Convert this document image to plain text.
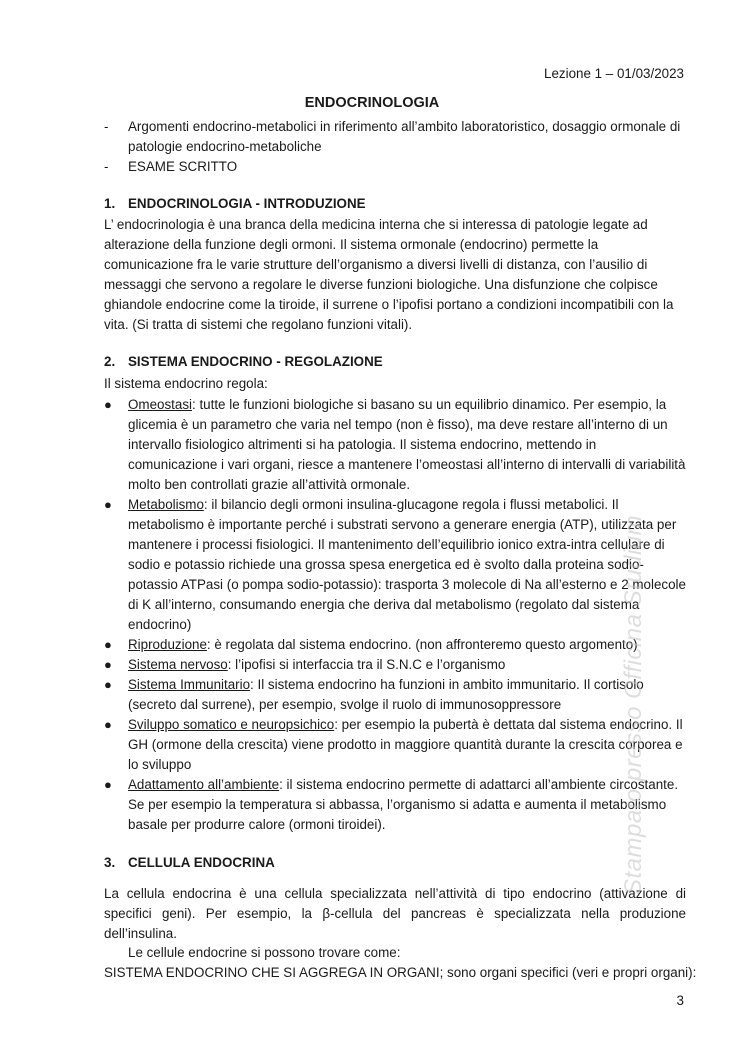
Lezione 1 – 01/03/2023
ENDOCRINOLOGIA
-	Argomenti endocrino-metabolici in riferimento all’ambito laboratoristico, dosaggio ormonale di patologie endocrino-metaboliche
-	ESAME SCRITTO
1. ENDOCRINOLOGIA - INTRODUZIONE
L’ endocrinologia è una branca della medicina interna che si interessa di patologie legate ad alterazione della funzione degli ormoni. Il sistema ormonale (endocrino) permette la comunicazione fra le varie strutture dell’organismo a diversi livelli di distanza, con l’ausilio di messaggi che servono a regolare le diverse funzioni biologiche. Una disfunzione che colpisce ghiandole endocrine come la tiroide, il surrene o l’ipofisi portano a condizioni incompatibili con la vita. (Si tratta di sistemi che regolano funzioni vitali).
2. SISTEMA ENDOCRINO - REGOLAZIONE
Il sistema endocrino regola:
●	Omeostasi: tutte le funzioni biologiche si basano su un equilibrio dinamico. Per esempio, la glicemia è un parametro che varia nel tempo (non è fisso), ma deve restare all’interno di un intervallo fisiologico altrimenti si ha patologia. Il sistema endocrino, mettendo in comunicazione i vari organi, riesce a mantenere l’omeostasi all’interno di intervalli di variabilità molto ben controllati grazie all’attività ormonale.
●	Metabolismo: il bilancio degli ormoni insulina-glucagone regola i flussi metabolici. Il metabolismo è importante perché i substrati servono a generare energia (ATP), utilizzata per mantenere i processi fisiologici. Il mantenimento dell’equilibrio ionico extra-intra cellulare di sodio e potassio richiede una grossa spesa energetica ed è svolto dalla proteina sodio-potassio ATPasi (o pompa sodio-potassio): trasporta 3 molecole di Na all’esterno e 2 molecole di K all’interno, consumando energia che deriva dal metabolismo (regolato dal sistema endocrino)
●	Riproduzione: è regolata dal sistema endocrino. (non affronteremo questo argomento)
●	Sistema nervoso: l’ipofisi si interfaccia tra il S.N.C e l’organismo
●	Sistema Immunitario: Il sistema endocrino ha funzioni in ambito immunitario. Il cortisolo (secreto dal surrene), per esempio, svolge il ruolo di immunosoppressore
●	Sviluppo somatico e neuropsichico: per esempio la pubertà è dettata dal sistema endocrino. Il GH (ormone della crescita) viene prodotto in maggiore quantità durante la crescita corporea e lo sviluppo
●	Adattamento all’ambiente: il sistema endocrino permette di adattarci all’ambiente circostante. Se per esempio la temperatura si abbassa, l’organismo si adatta e aumenta il metabolismo basale per produrre calore (ormoni tiroidei).
3. CELLULA ENDOCRINA
La cellula endocrina è una cellula specializzata nell’attività di tipo endocrino (attivazione di specifici geni). Per esempio, la β-cellula del pancreas è specializzata nella produzione dell’insulina.
Le cellule endocrine si possono trovare come:
SISTEMA ENDOCRINO CHE SI AGGREGA IN ORGANI; sono organi specifici (veri e propri organi):
Stampato presso Officina Studium
3
